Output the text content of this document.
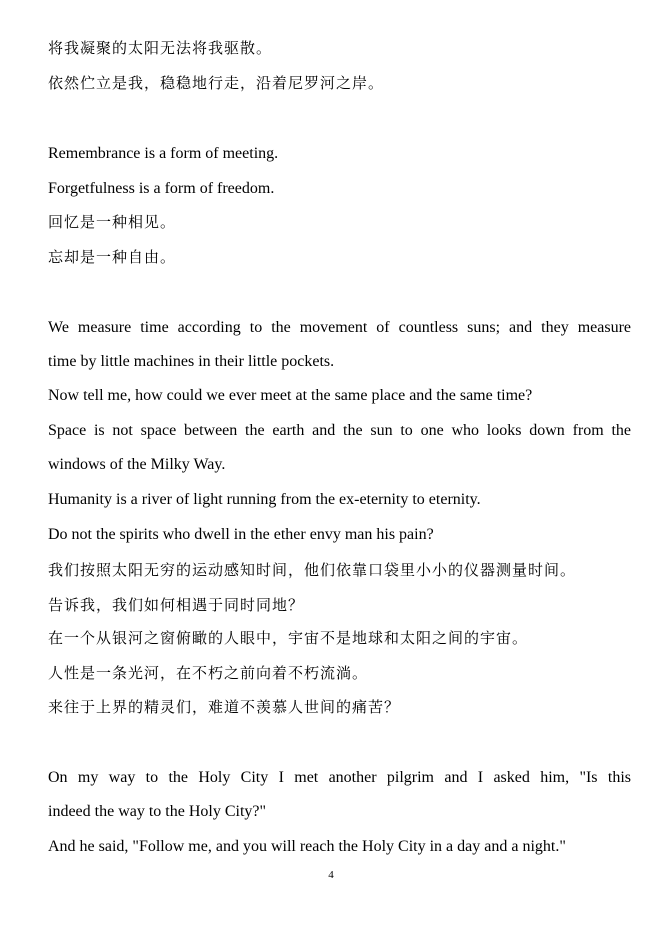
将我凝聚的太阳无法将我驱散。
依然伫立是我，稳稳地行走，沿着尼罗河之岸。
Remembrance is a form of meeting.
Forgetfulness is a form of freedom.
回忆是一种相见。
忘却是一种自由。
We measure time according to the movement of countless suns; and they measure
time by little machines in their little pockets.
Now tell me, how could we ever meet at the same place and the same time?
Space is not space between the earth and the sun to one who looks down from the
windows of the Milky Way.
Humanity is a river of light running from the ex-eternity to eternity.
Do not the spirits who dwell in the ether envy man his pain?
我们按照太阳无穷的运动感知时间，他们依靠口袋里小小的仪器测量时间。
告诉我，我们如何相遇于同时同地？
在一个从银河之窗俯瞰的人眼中，宇宙不是地球和太阳之间的宇宙。
人性是一条光河，在不朽之前向着不朽流淌。
来往于上界的精灵们，难道不羡慕人世间的痛苦？
On my way to the Holy City I met another pilgrim and I asked him, "Is this
indeed the way to the Holy City?"
And he said, "Follow me, and you will reach the Holy City in a day and a night."
4
